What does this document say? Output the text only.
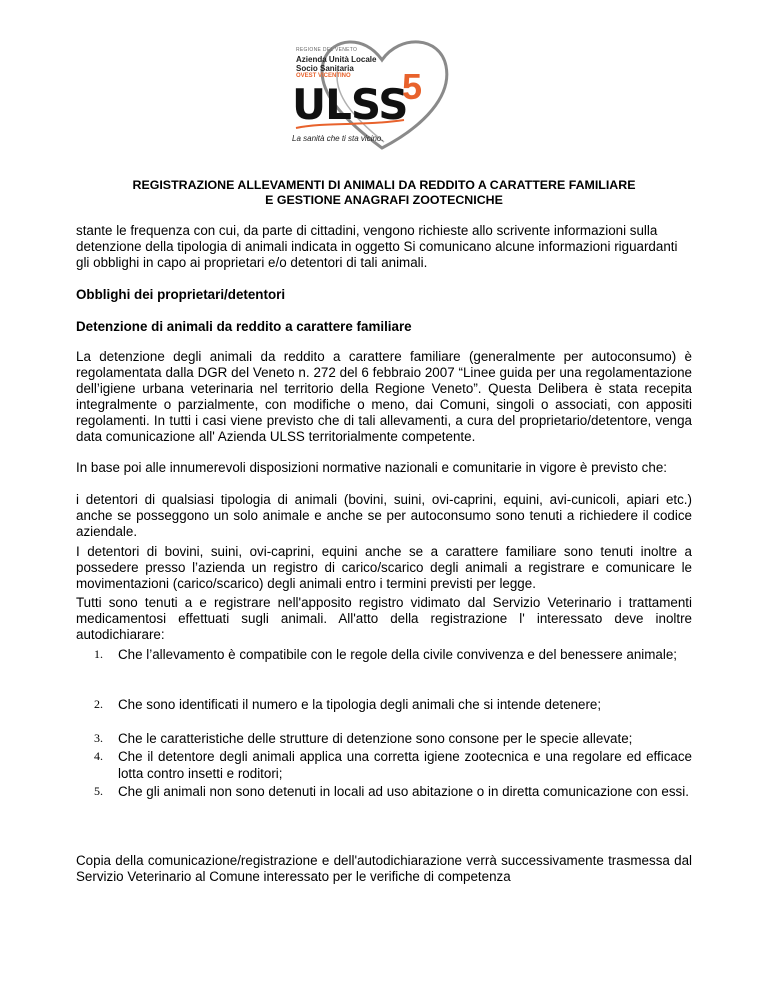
REGIONE DEL VENETO
Azienda Unità Locale
Socio Sanitaria
OVEST VICENTINO
ULSS
5
La sanità che ti sta vicino.
REGISTRAZIONE ALLEVAMENTI DI ANIMALI DA REDDITO A CARATTERE FAMILIARE
E GESTIONE ANAGRAFI ZOOTECNICHE
stante le frequenza con cui, da parte di cittadini, vengono richieste allo scrivente informazioni sulla detenzione della tipologia di animali indicata in oggetto Si comunicano alcune informazioni riguardanti gli obblighi in capo ai proprietari e/o detentori di tali animali.
Obblighi dei proprietari/detentori
Detenzione di animali da reddito a carattere familiare
La detenzione degli animali da reddito a carattere familiare (generalmente per autoconsumo) è regolamentata dalla DGR del Veneto n. 272 del 6 febbraio 2007 “Linee guida per una regolamentazione dell’igiene urbana veterinaria nel territorio della Regione Veneto”. Questa Delibera è stata recepita integralmente o parzialmente, con modifiche o meno, dai Comuni, singoli o associati, con appositi regolamenti. In tutti i casi viene previsto che di tali allevamenti, a cura del proprietario/detentore, venga data comunicazione all' Azienda ULSS territorialmente competente.
In base poi alle innumerevoli disposizioni normative nazionali e comunitarie in vigore è previsto che:
i detentori di qualsiasi tipologia di animali (bovini, suini, ovi-caprini, equini, avi-cunicoli, apiari etc.) anche se posseggono un solo animale e anche se per autoconsumo sono tenuti a richiedere il codice aziendale.
I detentori di bovini, suini, ovi-caprini, equini anche se a carattere familiare sono tenuti inoltre a possedere presso l’azienda un registro di carico/scarico degli animali a registrare e comunicare le movimentazioni (carico/scarico) degli animali entro i termini previsti per legge.
Tutti sono tenuti a e registrare nell'apposito registro vidimato dal Servizio Veterinario i trattamenti medicamentosi effettuati sugli animali. All'atto della registrazione l' interessato deve inoltre autodichiarare:
1.	Che l’allevamento è compatibile con le regole della civile convivenza e del benessere animale;
2.	Che sono identificati il numero e la tipologia degli animali che si intende detenere;
3.	Che le caratteristiche delle strutture di detenzione sono consone per le specie allevate;
4.	Che il detentore degli animali applica una corretta igiene zootecnica e una regolare ed efficace lotta contro insetti e roditori;
5.	Che gli animali non sono detenuti in locali ad uso abitazione o in diretta comunicazione con essi.
Copia della comunicazione/registrazione e dell'autodichiarazione verrà successivamente trasmessa dal Servizio Veterinario al Comune interessato per le verifiche di competenza
